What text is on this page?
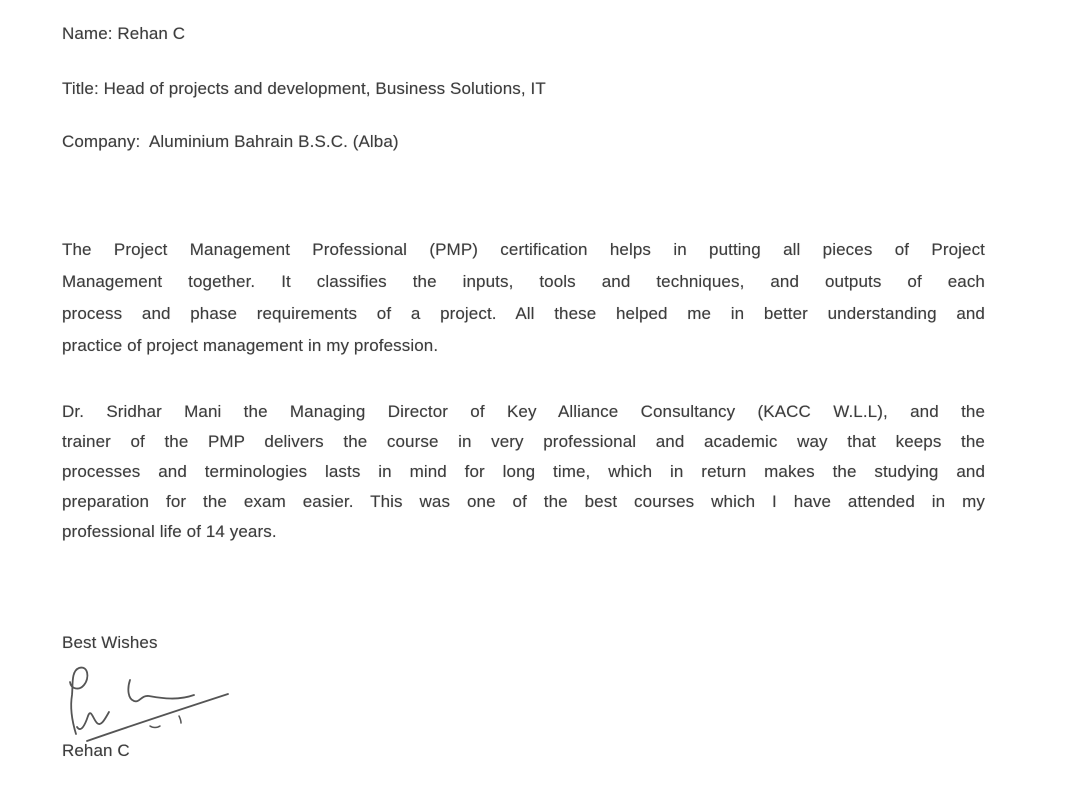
Name: Rehan C
Title: Head of projects and development, Business Solutions, IT
Company:  Aluminium Bahrain B.S.C. (Alba)
The Project Management Professional (PMP) certification helps in putting all pieces of Project
Management together. It classifies the inputs, tools and techniques, and outputs of each
process and phase requirements of a project. All these helped me in better understanding and
practice of project management in my profession.
Dr. Sridhar Mani the Managing Director of Key Alliance Consultancy (KACC W.L.L), and the
trainer of the PMP delivers the course in very professional and academic way that keeps the
processes and terminologies lasts in mind for long time, which in return makes the studying and
preparation for the exam easier. This was one of the best courses which I have attended in my
professional life of 14 years.
Best Wishes
Rehan C
